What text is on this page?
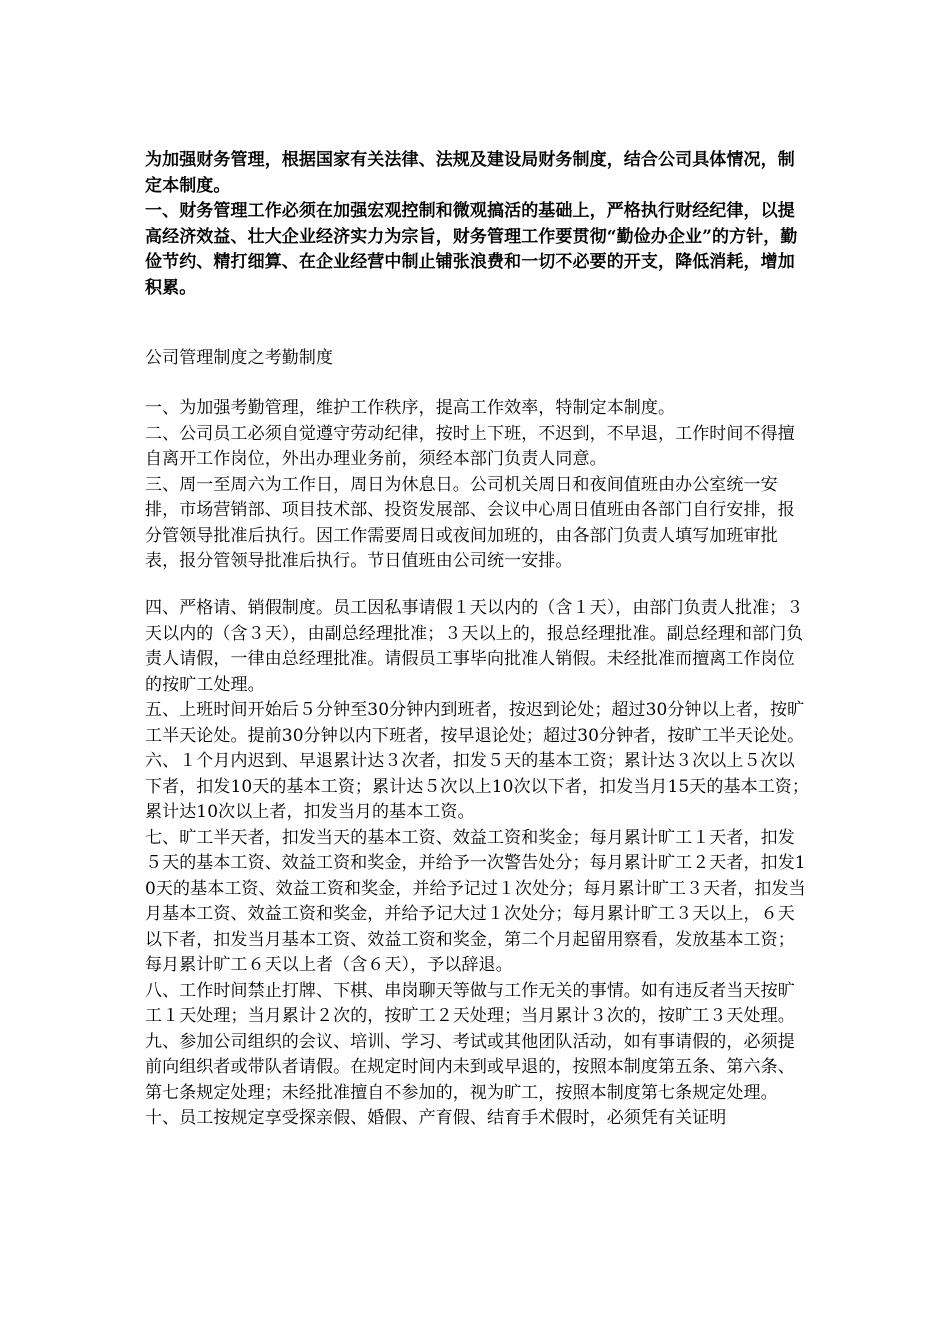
为加强财务管理，根据国家有关法律、法规及建设局财务制度，结合公司具体情况，制定本制度。

一、财务管理工作必须在加强宏观控制和微观搞活的基础上，严格执行财经纪律，以提高经济效益、壮大企业经济实力为宗旨，财务管理工作要贯彻“勤俭办企业”的方针，勤俭节约、精打细算、在企业经营中制止铺张浪费和一切不必要的开支，降低消耗，增加积累。

公司管理制度之考勤制度

一、为加强考勤管理，维护工作秩序，提高工作效率，特制定本制度。

二、公司员工必须自觉遵守劳动纪律，按时上下班，不迟到，不早退，工作时间不得擅自离开工作岗位，外出办理业务前，须经本部门负责人同意。

三、周一至周六为工作日，周日为休息日。公司机关周日和夜间值班由办公室统一安排，市场营销部、项目技术部、投资发展部、会议中心周日值班由各部门自行安排，报分管领导批准后执行。因工作需要周日或夜间加班的，由各部门负责人填写加班审批表，报分管领导批准后执行。节日值班由公司统一安排。

四、严格请、销假制度。员工因私事请假１天以内的（含１天），由部门负责人批准；３天以内的（含３天），由副总经理批准；３天以上的，报总经理批准。副总经理和部门负责人请假，一律由总经理批准。请假员工事毕向批准人销假。未经批准而擅离工作岗位的按旷工处理。

五、上班时间开始后５分钟至30分钟内到班者，按迟到论处；超过30分钟以上者，按旷工半天论处。提前30分钟以内下班者，按早退论处；超过30分钟者，按旷工半天论处。

六、１个月内迟到、早退累计达３次者，扣发５天的基本工资；累计达３次以上５次以下者，扣发10天的基本工资；累计达５次以上10次以下者，扣发当月15天的基本工资；累计达10次以上者，扣发当月的基本工资。

七、旷工半天者，扣发当天的基本工资、效益工资和奖金；每月累计旷工１天者，扣发５天的基本工资、效益工资和奖金，并给予一次警告处分；每月累计旷工２天者，扣发10天的基本工资、效益工资和奖金，并给予记过１次处分；每月累计旷工３天者，扣发当月基本工资、效益工资和奖金，并给予记大过１次处分；每月累计旷工３天以上，６天以下者，扣发当月基本工资、效益工资和奖金，第二个月起留用察看，发放基本工资；每月累计旷工６天以上者（含６天），予以辞退。

八、工作时间禁止打牌、下棋、串岗聊天等做与工作无关的事情。如有违反者当天按旷工１天处理；当月累计２次的，按旷工２天处理；当月累计３次的，按旷工３天处理。

九、参加公司组织的会议、培训、学习、考试或其他团队活动，如有事请假的，必须提前向组织者或带队者请假。在规定时间内未到或早退的，按照本制度第五条、第六条、第七条规定处理；未经批准擅自不参加的，视为旷工，按照本制度第七条规定处理。

十、员工按规定享受探亲假、婚假、产育假、结育手术假时，必须凭有关证明
